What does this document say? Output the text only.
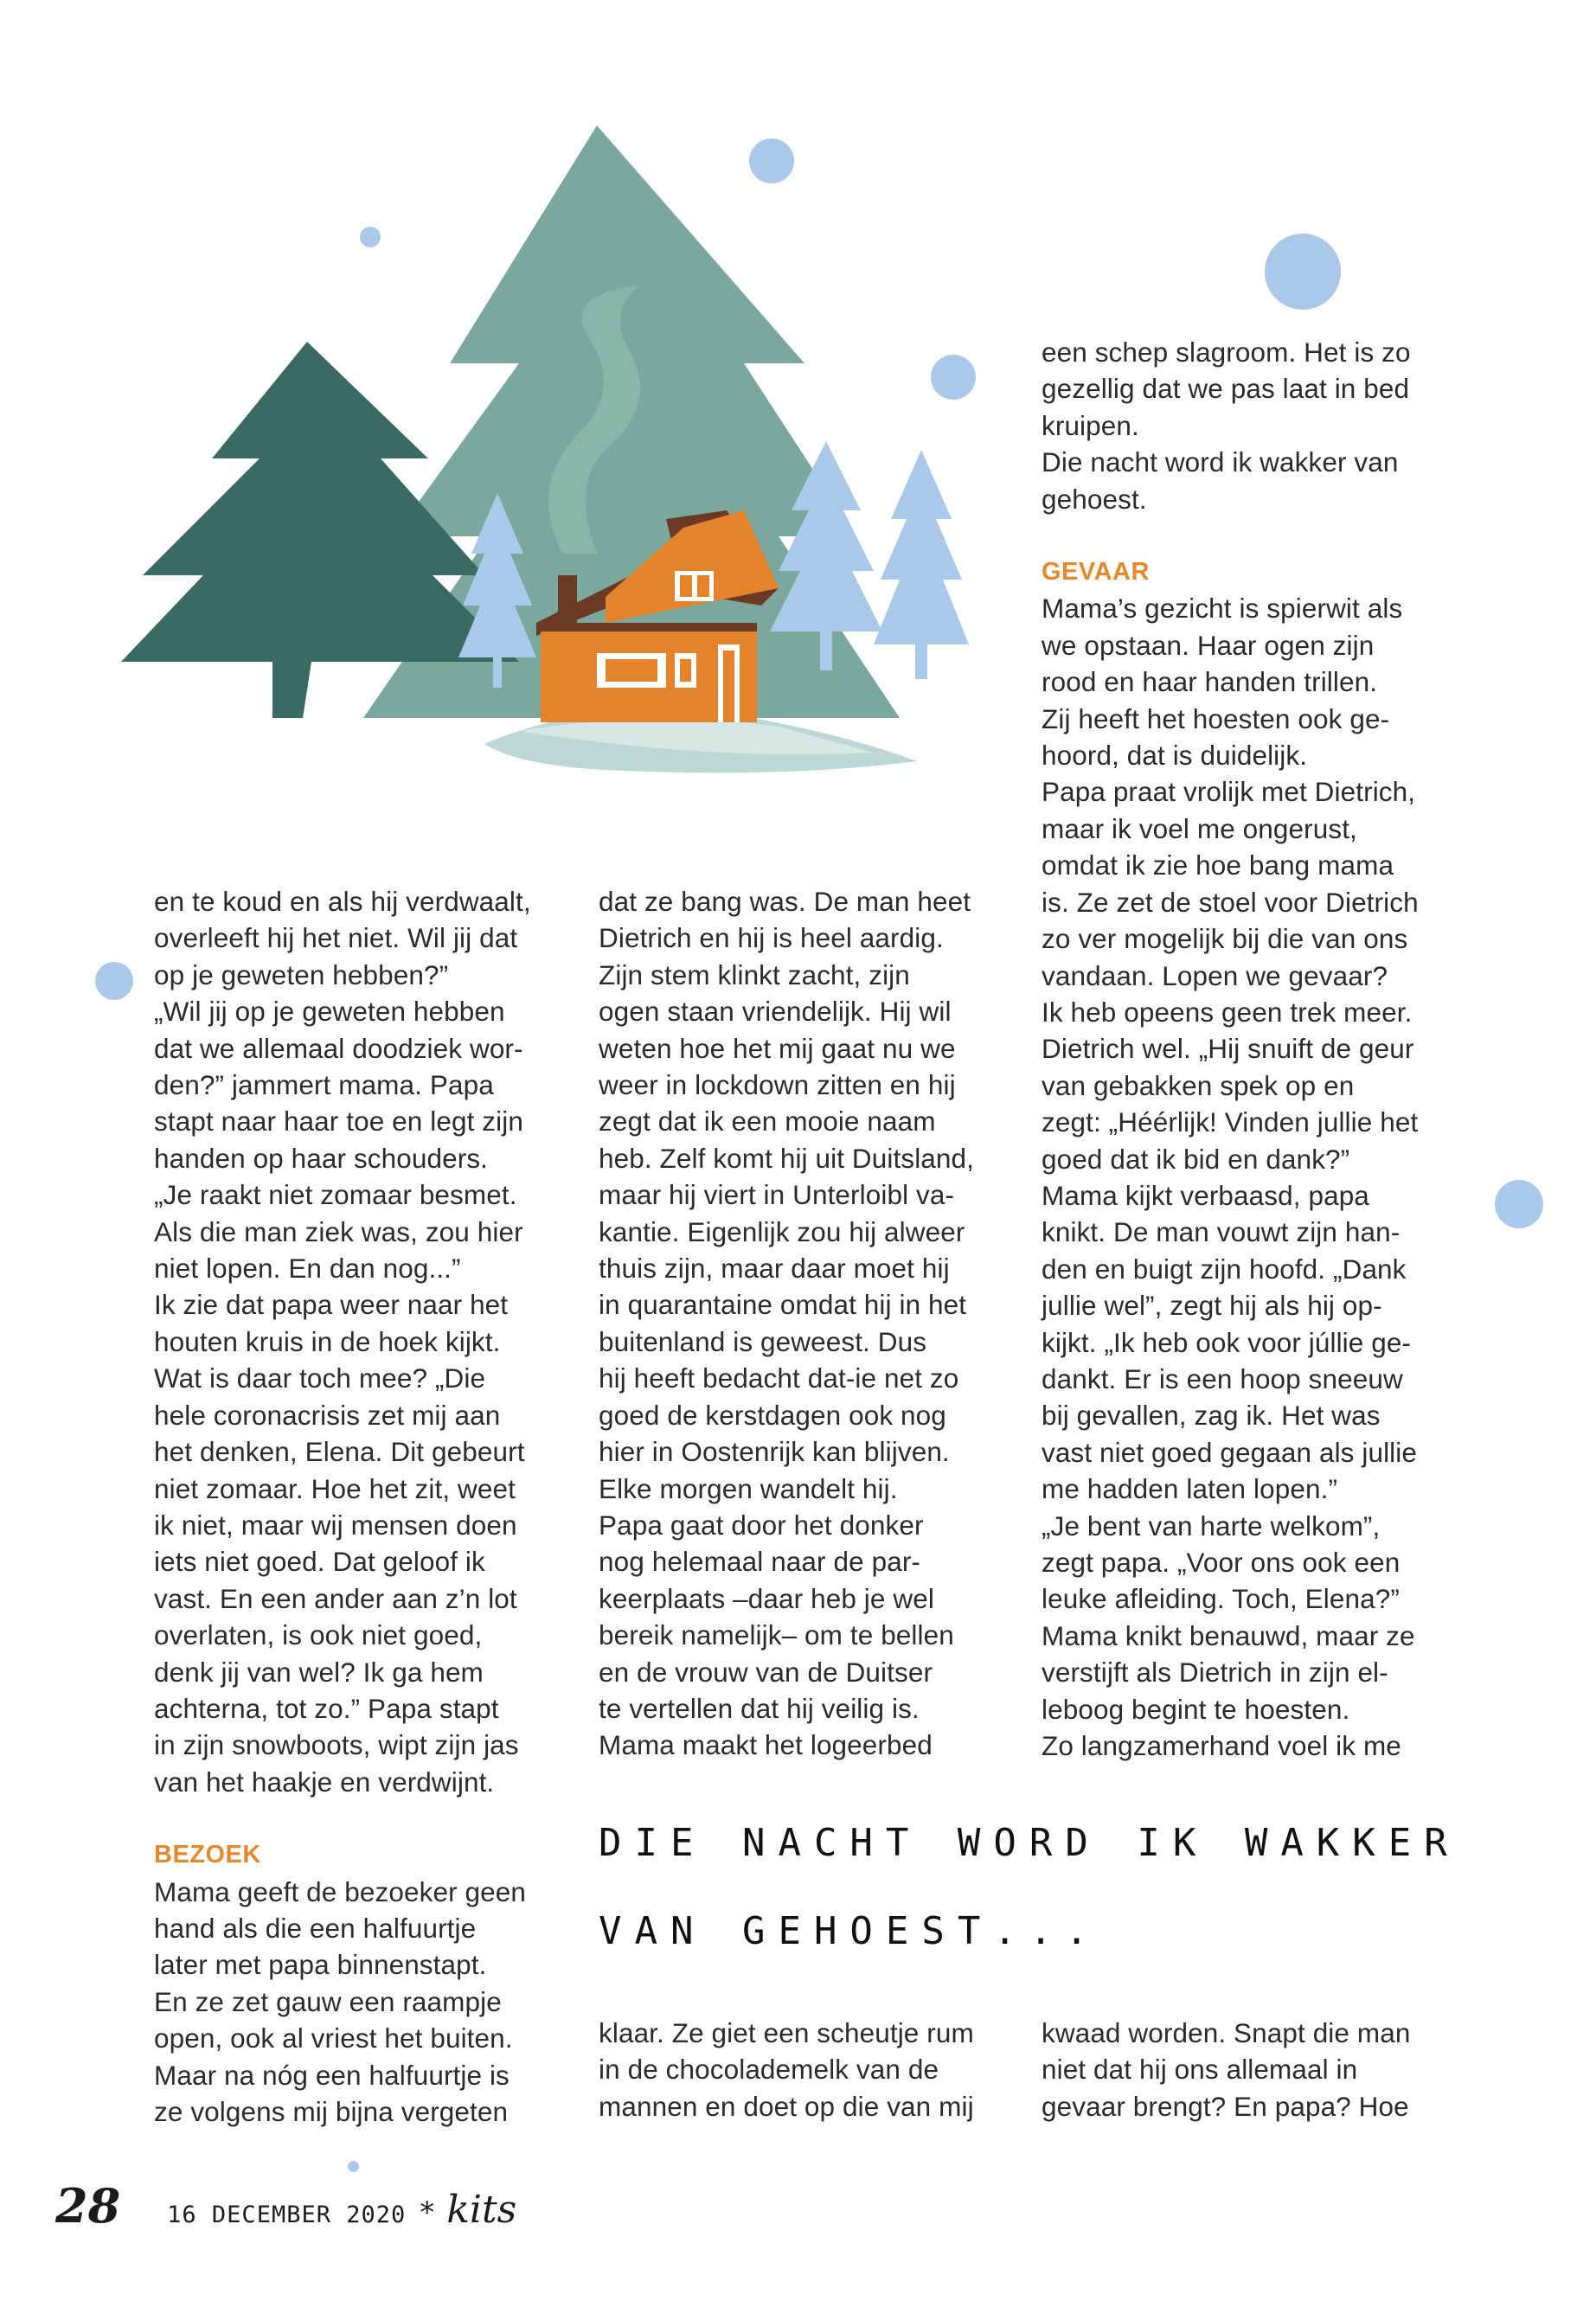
een schep slagroom. Het is zo

gezellig dat we pas laat in bed

kruipen.

Die nacht word ik wakker van

gehoest.

GEVAAR

Mama’s gezicht is spierwit als

we opstaan. Haar ogen zijn

rood en haar handen trillen.

Zij heeft het hoesten ook ge-

hoord, dat is duidelijk.

Papa praat vrolijk met Dietrich,

maar ik voel me ongerust,

omdat ik zie hoe bang mama

is. Ze zet de stoel voor Dietrich

zo ver mogelijk bij die van ons

vandaan. Lopen we gevaar?

Ik heb opeens geen trek meer.

Dietrich wel. „Hij snuift de geur

van gebakken spek op en

zegt: „Héérlijk! Vinden jullie het

goed dat ik bid en dank?”

Mama kijkt verbaasd, papa

knikt. De man vouwt zijn han-

den en buigt zijn hoofd. „Dank

jullie wel”, zegt hij als hij op-

kijkt. „Ik heb ook voor júllie ge-

dankt. Er is een hoop sneeuw

bij gevallen, zag ik. Het was

vast niet goed gegaan als jullie

me hadden laten lopen.”

„Je bent van harte welkom”,

zegt papa. „Voor ons ook een

leuke afleiding. Toch, Elena?”

Mama knikt benauwd, maar ze

verstijft als Dietrich in zijn el-

leboog begint te hoesten.

Zo langzamerhand voel ik me

en te koud en als hij verdwaalt,

overleeft hij het niet. Wil jij dat

op je geweten hebben?”

„Wil jij op je geweten hebben

dat we allemaal doodziek wor-

den?” jammert mama. Papa

stapt naar haar toe en legt zijn

handen op haar schouders.

„Je raakt niet zomaar besmet.

Als die man ziek was, zou hier

niet lopen. En dan nog...”

Ik zie dat papa weer naar het

houten kruis in de hoek kijkt.

Wat is daar toch mee? „Die

hele coronacrisis zet mij aan

het denken, Elena. Dit gebeurt

niet zomaar. Hoe het zit, weet

ik niet, maar wij mensen doen

iets niet goed. Dat geloof ik

vast. En een ander aan z’n lot

overlaten, is ook niet goed,

denk jij van wel? Ik ga hem

achterna, tot zo.” Papa stapt

in zijn snowboots, wipt zijn jas

van het haakje en verdwijnt.

BEZOEK

Mama geeft de bezoeker geen

hand als die een halfuurtje

later met papa binnenstapt.

En ze zet gauw een raampje

open, ook al vriest het buiten.

Maar na nóg een halfuurtje is

ze volgens mij bijna vergeten

dat ze bang was. De man heet

Dietrich en hij is heel aardig.

Zijn stem klinkt zacht, zijn

ogen staan vriendelijk. Hij wil

weten hoe het mij gaat nu we

weer in lockdown zitten en hij

zegt dat ik een mooie naam

heb. Zelf komt hij uit Duitsland,

maar hij viert in Unterloibl va-

kantie. Eigenlijk zou hij alweer

thuis zijn, maar daar moet hij

in quarantaine omdat hij in het

buitenland is geweest. Dus

hij heeft bedacht dat-ie net zo

goed de kerstdagen ook nog

hier in Oostenrijk kan blijven.

Elke morgen wandelt hij.

Papa gaat door het donker

nog helemaal naar de par-

keerplaats –daar heb je wel

bereik namelijk– om te bellen

en de vrouw van de Duitser

te vertellen dat hij veilig is.

Mama maakt het logeerbed

DIE NACHT WORD IK WAKKER

VAN GEHOEST...

klaar. Ze giet een scheutje rum

in de chocolademelk van de

mannen en doet op die van mij

kwaad worden. Snapt die man

niet dat hij ons allemaal in

gevaar brengt? En papa? Hoe

28 16 DECEMBER 2020 * kits
